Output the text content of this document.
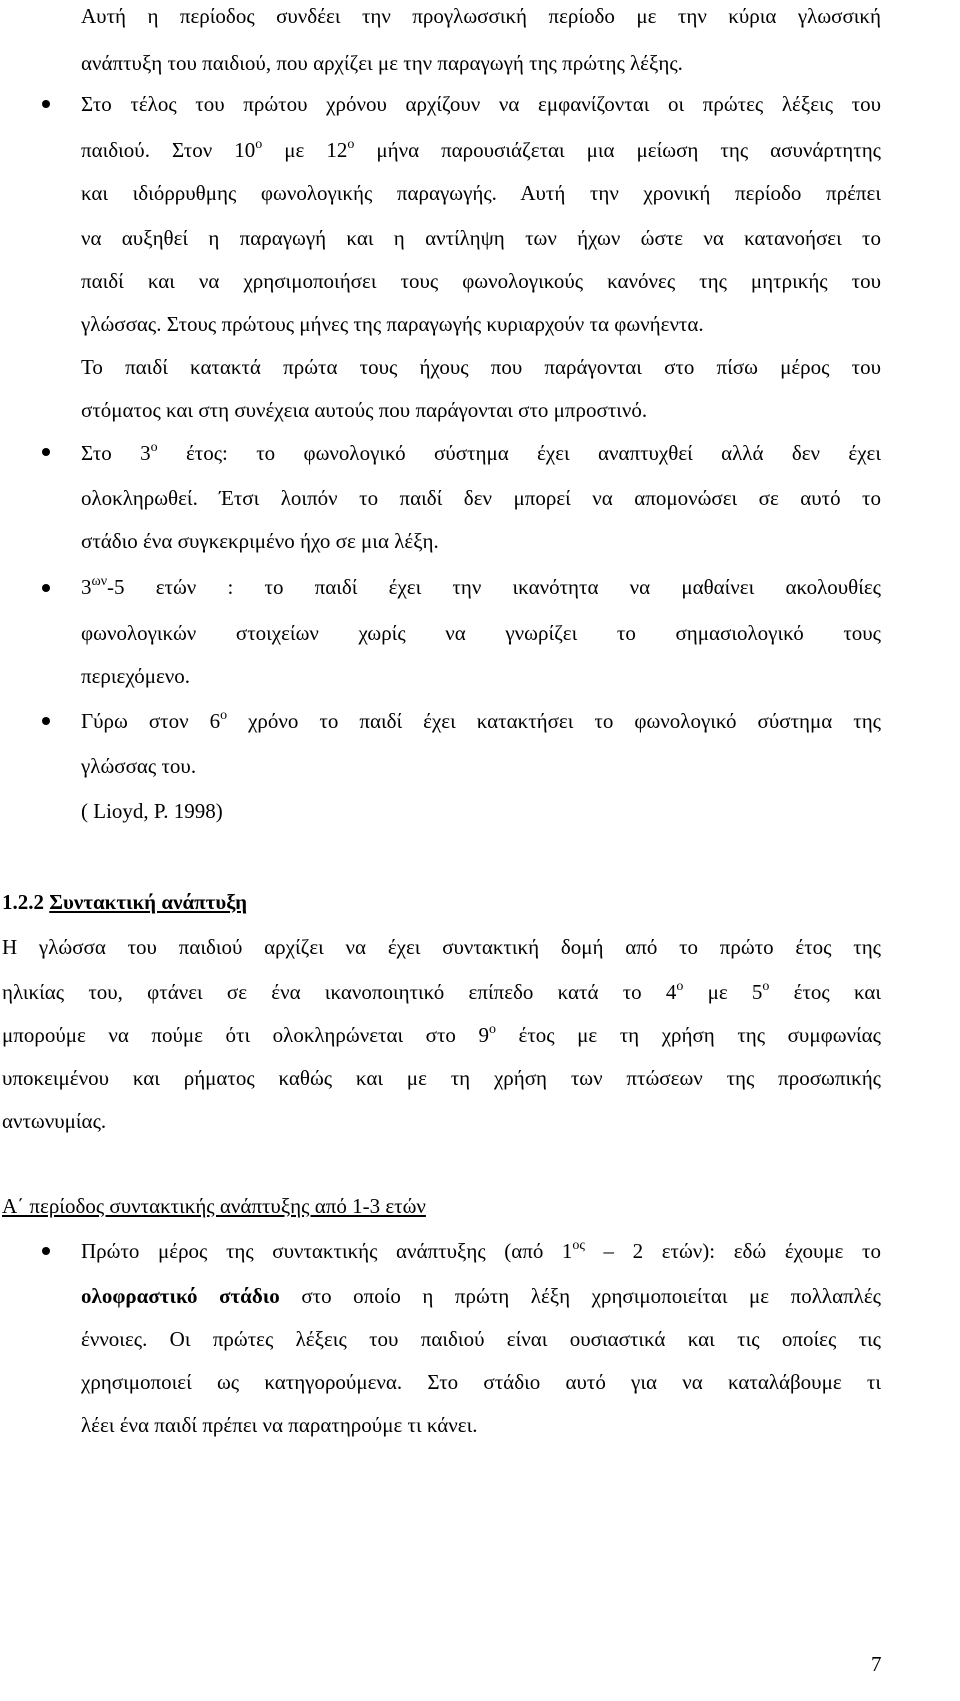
Αυτή η περίοδος συνδέει την προγλωσσική περίοδο με την κύρια γλωσσική
ανάπτυξη του παιδιού, που αρχίζει με την παραγωγή της πρώτης λέξης.
Στο τέλος του πρώτου χρόνου αρχίζουν να εμφανίζονται οι πρώτες λέξεις του
παιδιού. Στον $10^o$ με $12^o$ μήνα παρουσιάζεται μια μείωση της ασυνάρτητης
και ιδιόρρυθμης φωνολογικής παραγωγής. Αυτή την χρονική περίοδο πρέπει
να αυξηθεί η παραγωγή και η αντίληψη των ήχων ώστε να κατανοήσει το
παιδί και να χρησιμοποιήσει τους φωνολογικούς κανόνες της μητρικής του
γλώσσας. Στους πρώτους μήνες της παραγωγής κυριαρχούν τα φωνήεντα.
Το παιδί κατακτά πρώτα τους ήχους που παράγονται στο πίσω μέρος του
στόματος και στη συνέχεια αυτούς που παράγονται στο μπροστινό.
Στο $3^o$ έτος: το φωνολογικό σύστημα έχει αναπτυχθεί αλλά δεν έχει
ολοκληρωθεί. Έτσι λοιπόν το παιδί δεν μπορεί να απομονώσει σε αυτό το
στάδιο ένα συγκεκριμένο ήχο σε μια λέξη.
$3^{\omega\nu}-5$ ετών : το παιδί έχει την ικανότητα να μαθαίνει ακολουθίες
φωνολογικών στοιχείων χωρίς να γνωρίζει το σημασιολογικό τους
περιεχόμενο.
Γύρω στον $6^o$ χρόνο το παιδί έχει κατακτήσει το φωνολογικό σύστημα της
γλώσσας του.
( Lioyd, P. 1998)
1.2.2 Συντακτική ανάπτυξη
Η γλώσσα του παιδιού αρχίζει να έχει συντακτική δομή από το πρώτο έτος της
ηλικίας του, φτάνει σε ένα ικανοποιητικό επίπεδο κατά το $4^o$ με $5^o$ έτος και
μπορούμε να πούμε ότι ολοκληρώνεται στο $9^o$ έτος με τη χρήση της συμφωνίας
υποκειμένου και ρήματος καθώς και με τη χρήση των πτώσεων της προσωπικής
αντωνυμίας.
Α΄ περίοδος συντακτικής ανάπτυξης από 1-3 ετών
Πρώτο μέρος της συντακτικής ανάπτυξης (από $1^{o\varsigma} - 2$ ετών): εδώ έχουμε το
ολοφραστικό στάδιο στο οποίο η πρώτη λέξη χρησιμοποιείται με πολλαπλές
έννοιες. Οι πρώτες λέξεις του παιδιού είναι ουσιαστικά και τις οποίες τις
χρησιμοποιεί ως κατηγορούμενα. Στο στάδιο αυτό για να καταλάβουμε τι
λέει ένα παιδί πρέπει να παρατηρούμε τι κάνει.
7
